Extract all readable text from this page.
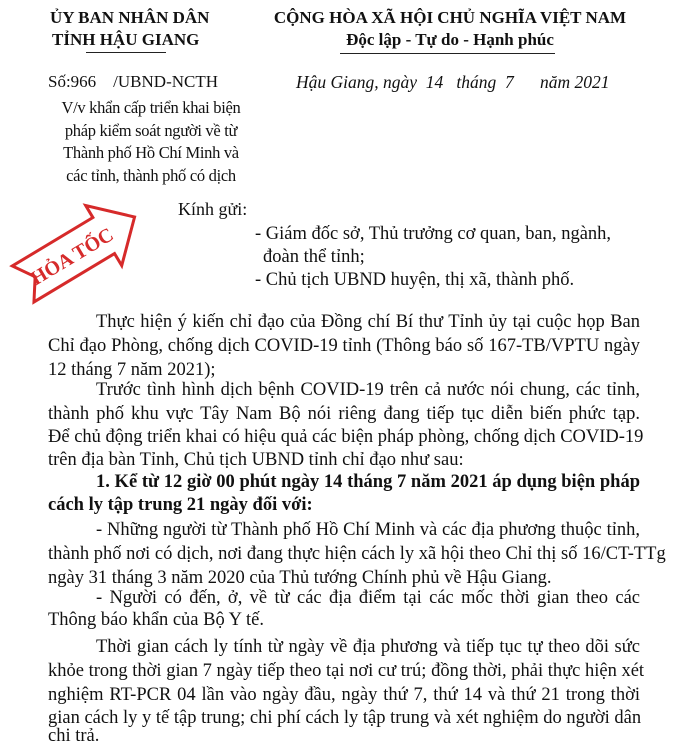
ỦY BAN NHÂN DÂN
TỈNH HẬU GIANG
CỘNG HÒA XÃ HỘI CHỦ NGHĨA VIỆT NAM
Độc lập - Tự do - Hạnh phúc
Số:966    /UBND-NCTH	Hậu Giang, ngày  14   tháng  7      năm 2021
V/v khẩn cấp triển khai biện
pháp kiểm soát người về từ
Thành phố Hồ Chí Minh và
các tỉnh, thành phố có dịch
HỎA TỐC
Kính gửi:
- Giám đốc sở, Thủ trưởng cơ quan, ban, ngành,
đoàn thể tỉnh;
- Chủ tịch UBND huyện, thị xã, thành phố.
Thực hiện ý kiến chỉ đạo của Đồng chí Bí thư Tỉnh ủy tại cuộc họp Ban
Chỉ đạo Phòng, chống dịch COVID-19 tỉnh (Thông báo số 167-TB/VPTU ngày
12 tháng 7 năm 2021);
Trước tình hình dịch bệnh COVID-19 trên cả nước nói chung, các tỉnh,
thành phố khu vực Tây Nam Bộ nói riêng đang tiếp tục diễn biến phức tạp.
Để chủ động triển khai có hiệu quả các biện pháp phòng, chống dịch COVID-19
trên địa bàn Tỉnh, Chủ tịch UBND tỉnh chỉ đạo như sau:
1. Kể từ 12 giờ 00 phút ngày 14 tháng 7 năm 2021 áp dụng biện pháp
cách ly tập trung 21 ngày đối với:
- Những người từ Thành phố Hồ Chí Minh và các địa phương thuộc tỉnh,
thành phố nơi có dịch, nơi đang thực hiện cách ly xã hội theo Chỉ thị số 16/CT-TTg
ngày 31 tháng 3 năm 2020 của Thủ tướng Chính phủ về Hậu Giang.
- Người có đến, ở, về từ các địa điểm tại các mốc thời gian theo các
Thông báo khẩn của Bộ Y tế.
Thời gian cách ly tính từ ngày về địa phương và tiếp tục tự theo dõi sức
khỏe trong thời gian 7 ngày tiếp theo tại nơi cư trú; đồng thời, phải thực hiện xét
nghiệm RT-PCR 04 lần vào ngày đầu, ngày thứ 7, thứ 14 và thứ 21 trong thời
gian cách ly y tế tập trung; chi phí cách ly tập trung và xét nghiệm do người dân
chi trả.
